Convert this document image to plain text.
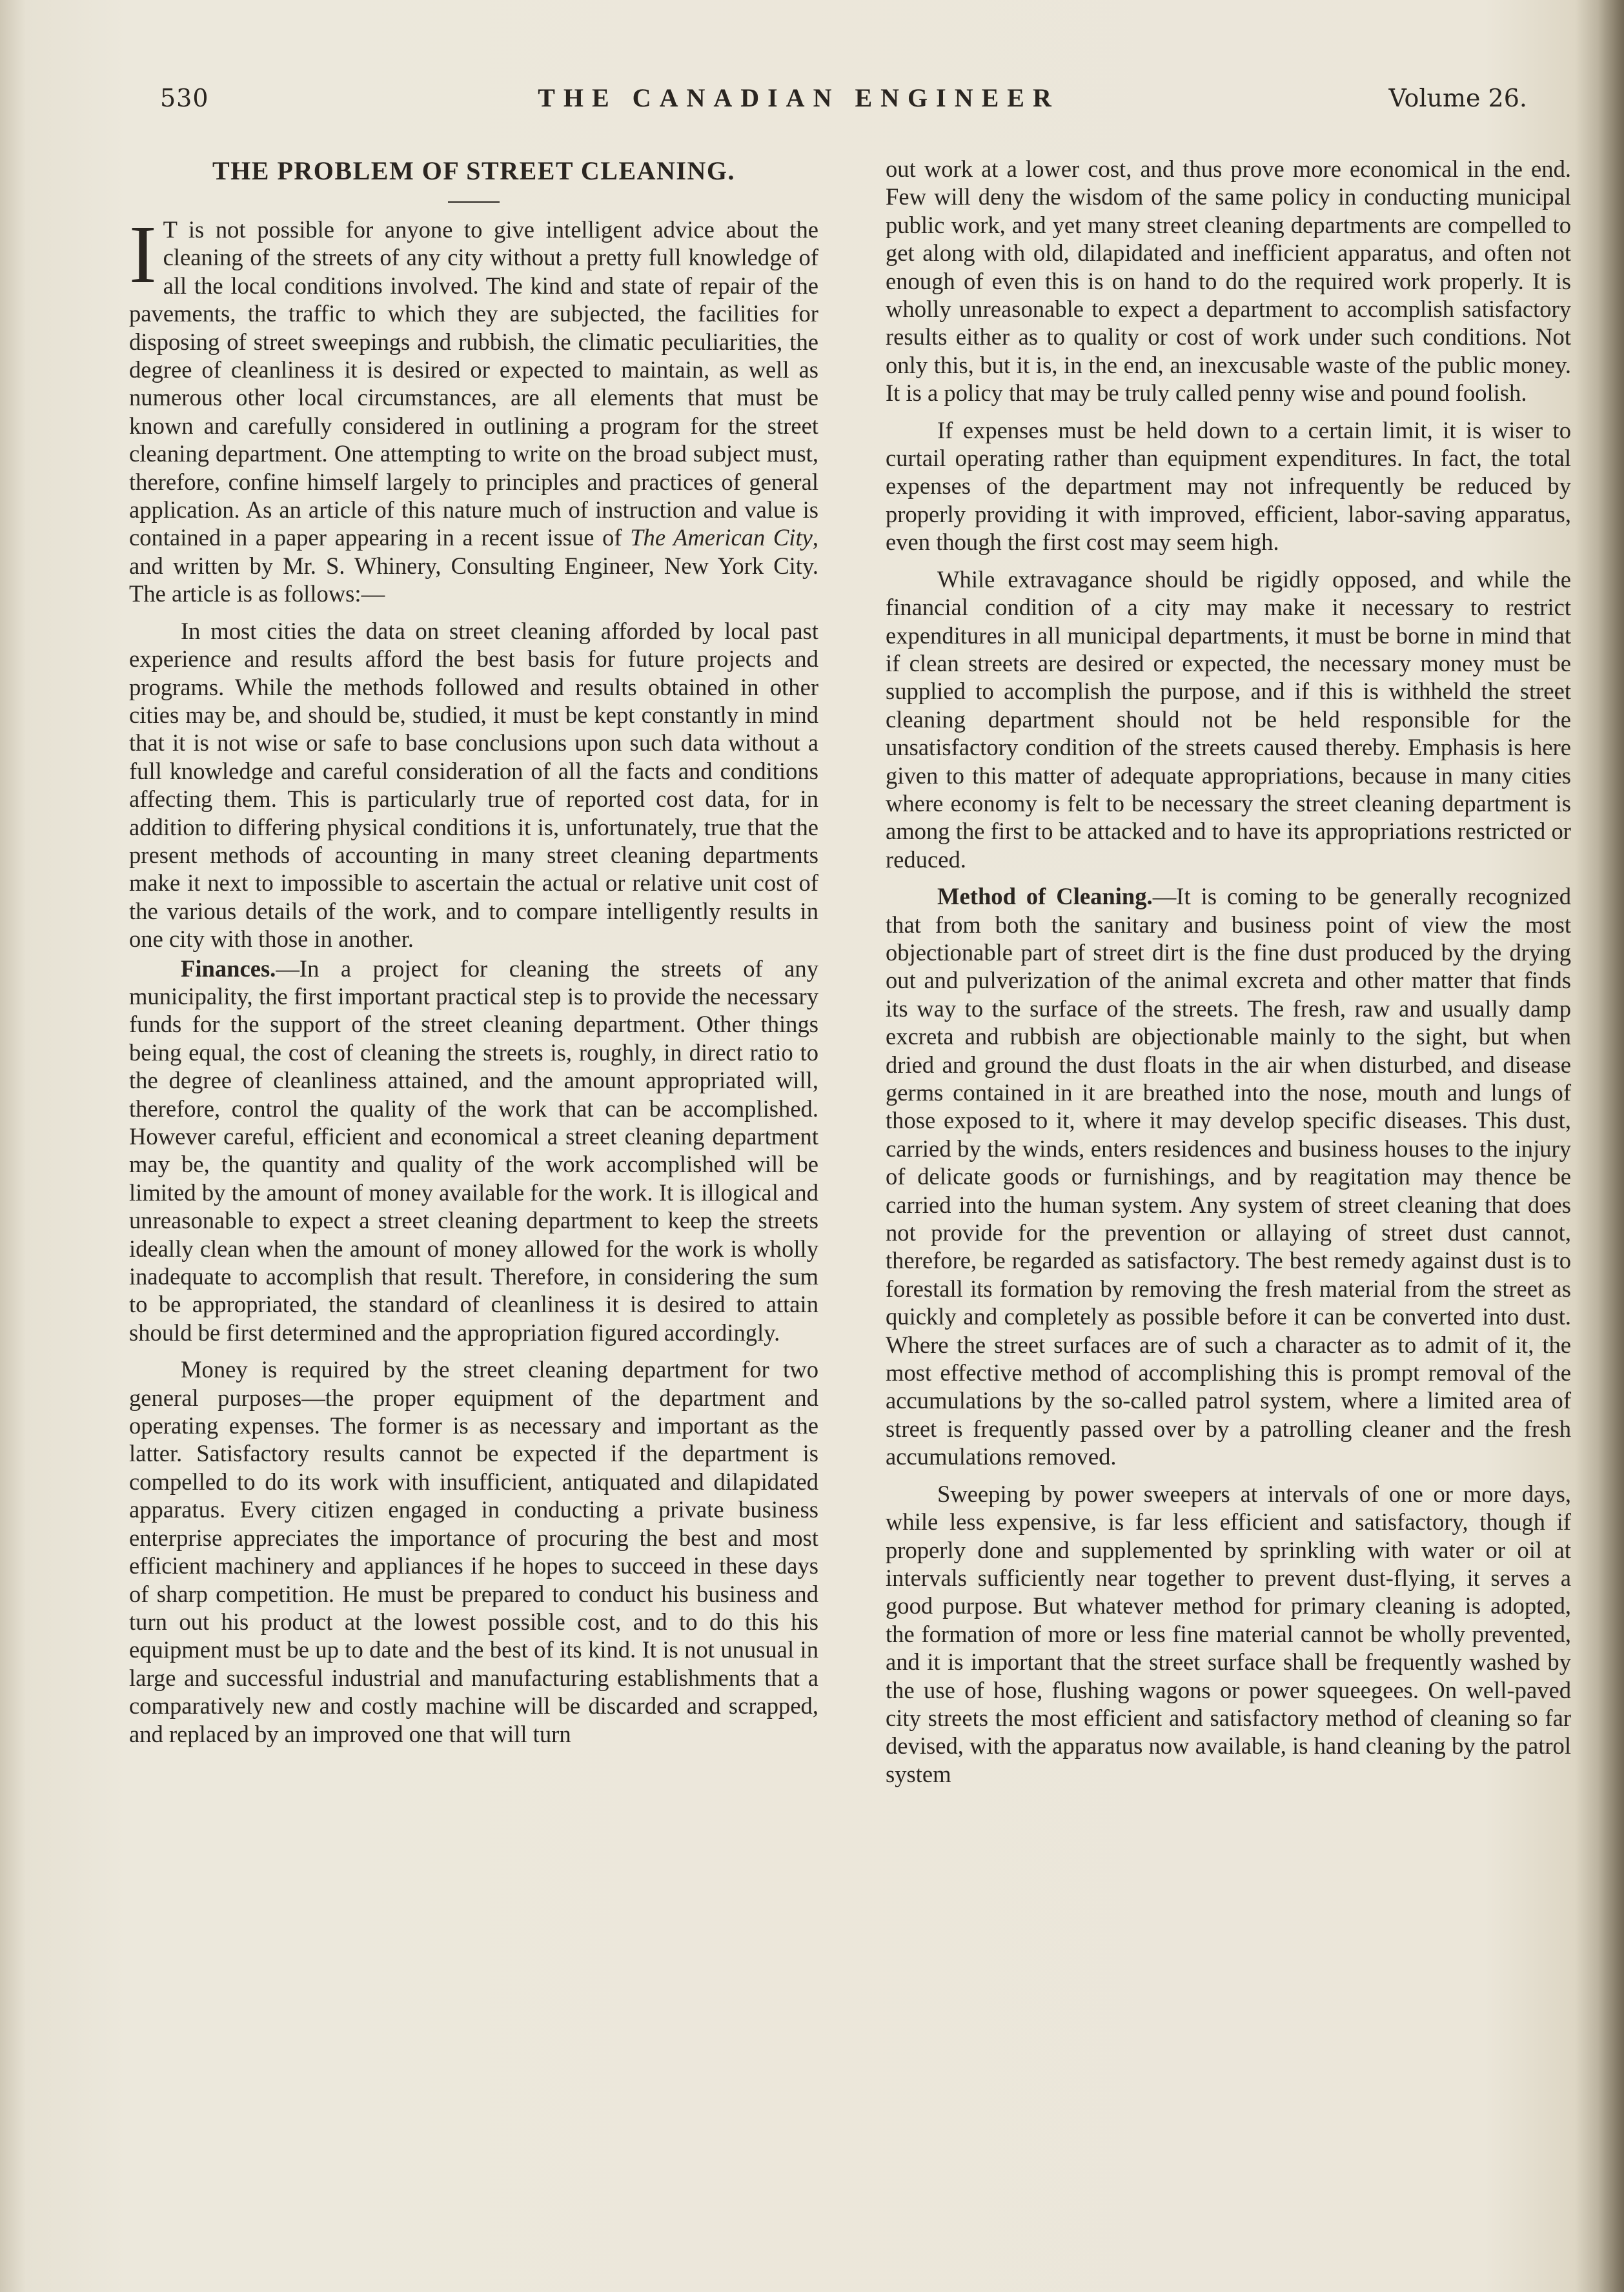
530	THE CANADIAN ENGINEER	Volume 26.
THE PROBLEM OF STREET CLEANING.

I T is not possible for anyone to give intelligent advice about the cleaning of the streets of any city without a pretty full knowledge of all the local conditions involved. The kind and state of repair of the pavements, the traffic to which they are subjected, the facilities for disposing of street sweepings and rubbish, the climatic peculiarities, the degree of cleanliness it is desired or expected to maintain, as well as numerous other local circumstances, are all elements that must be known and carefully considered in outlining a program for the street cleaning department. One attempting to write on the broad subject must, therefore, confine himself largely to principles and practices of general application. As an article of this nature much of instruction and value is contained in a paper appearing in a recent issue of The American City, and written by Mr. S. Whinery, Consulting Engineer, New York City. The article is as follows:—

In most cities the data on street cleaning afforded by local past experience and results afford the best basis for future projects and programs. While the methods followed and results obtained in other cities may be, and should be, studied, it must be kept constantly in mind that it is not wise or safe to base conclusions upon such data without a full knowledge and careful consideration of all the facts and conditions affecting them. This is particularly true of reported cost data, for in addition to differing physical conditions it is, unfortunately, true that the present methods of accounting in many street cleaning departments make it next to impossible to ascertain the actual or relative unit cost of the various details of the work, and to compare intelligently results in one city with those in another.

Finances.—In a project for cleaning the streets of any municipality, the first important practical step is to provide the necessary funds for the support of the street cleaning department. Other things being equal, the cost of cleaning the streets is, roughly, in direct ratio to the degree of cleanliness attained, and the amount appropriated will, therefore, control the quality of the work that can be accomplished. However careful, efficient and economical a street cleaning department may be, the quantity and quality of the work accomplished will be limited by the amount of money available for the work. It is illogical and unreasonable to expect a street cleaning department to keep the streets ideally clean when the amount of money allowed for the work is wholly inadequate to accomplish that result. Therefore, in considering the sum to be appropriated, the standard of cleanliness it is desired to attain should be first determined and the appropriation figured accordingly.

Money is required by the street cleaning department for two general purposes—the proper equipment of the department and operating expenses. The former is as necessary and important as the latter. Satisfactory results cannot be expected if the department is compelled to do its work with insufficient, antiquated and dilapidated apparatus. Every citizen engaged in conducting a private business enterprise appreciates the importance of procuring the best and most efficient machinery and appliances if he hopes to succeed in these days of sharp competition. He must be prepared to conduct his business and turn out his product at the lowest possible cost, and to do this his equipment must be up to date and the best of its kind. It is not unusual in large and successful industrial and manufacturing establishments that a comparatively new and costly machine will be discarded and scrapped, and replaced by an improved one that will turn

out work at a lower cost, and thus prove more economical in the end. Few will deny the wisdom of the same policy in conducting municipal public work, and yet many street cleaning departments are compelled to get along with old, dilapidated and inefficient apparatus, and often not enough of even this is on hand to do the required work properly. It is wholly unreasonable to expect a department to accomplish satisfactory results either as to quality or cost of work under such conditions. Not only this, but it is, in the end, an inexcusable waste of the public money. It is a policy that may be truly called penny wise and pound foolish.

If expenses must be held down to a certain limit, it is wiser to curtail operating rather than equipment expenditures. In fact, the total expenses of the department may not infrequently be reduced by properly providing it with improved, efficient, labor-saving apparatus, even though the first cost may seem high.

While extravagance should be rigidly opposed, and while the financial condition of a city may make it necessary to restrict expenditures in all municipal departments, it must be borne in mind that if clean streets are desired or expected, the necessary money must be supplied to accomplish the purpose, and if this is withheld the street cleaning department should not be held responsible for the unsatisfactory condition of the streets caused thereby. Emphasis is here given to this matter of adequate appropriations, because in many cities where economy is felt to be necessary the street cleaning department is among the first to be attacked and to have its appropriations restricted or reduced.

Method of Cleaning.—It is coming to be generally recognized that from both the sanitary and business point of view the most objectionable part of street dirt is the fine dust produced by the drying out and pulverization of the animal excreta and other matter that finds its way to the surface of the streets. The fresh, raw and usually damp excreta and rubbish are objectionable mainly to the sight, but when dried and ground the dust floats in the air when disturbed, and disease germs contained in it are breathed into the nose, mouth and lungs of those exposed to it, where it may develop specific diseases. This dust, carried by the winds, enters residences and business houses to the injury of delicate goods or furnishings, and by reagitation may thence be carried into the human system. Any system of street cleaning that does not provide for the prevention or allaying of street dust cannot, therefore, be regarded as satisfactory. The best remedy against dust is to forestall its formation by removing the fresh material from the street as quickly and completely as possible before it can be converted into dust. Where the street surfaces are of such a character as to admit of it, the most effective method of accomplishing this is prompt removal of the accumulations by the so-called patrol system, where a limited area of street is frequently passed over by a patrolling cleaner and the fresh accumulations removed.

Sweeping by power sweepers at intervals of one or more days, while less expensive, is far less efficient and satisfactory, though if properly done and supplemented by sprinkling with water or oil at intervals sufficiently near together to prevent dust-flying, it serves a good purpose. But whatever method for primary cleaning is adopted, the formation of more or less fine material cannot be wholly prevented, and it is important that the street surface shall be frequently washed by the use of hose, flushing wagons or power squeegees. On well-paved city streets the most efficient and satisfactory method of cleaning so far devised, with the apparatus now available, is hand cleaning by the patrol system
